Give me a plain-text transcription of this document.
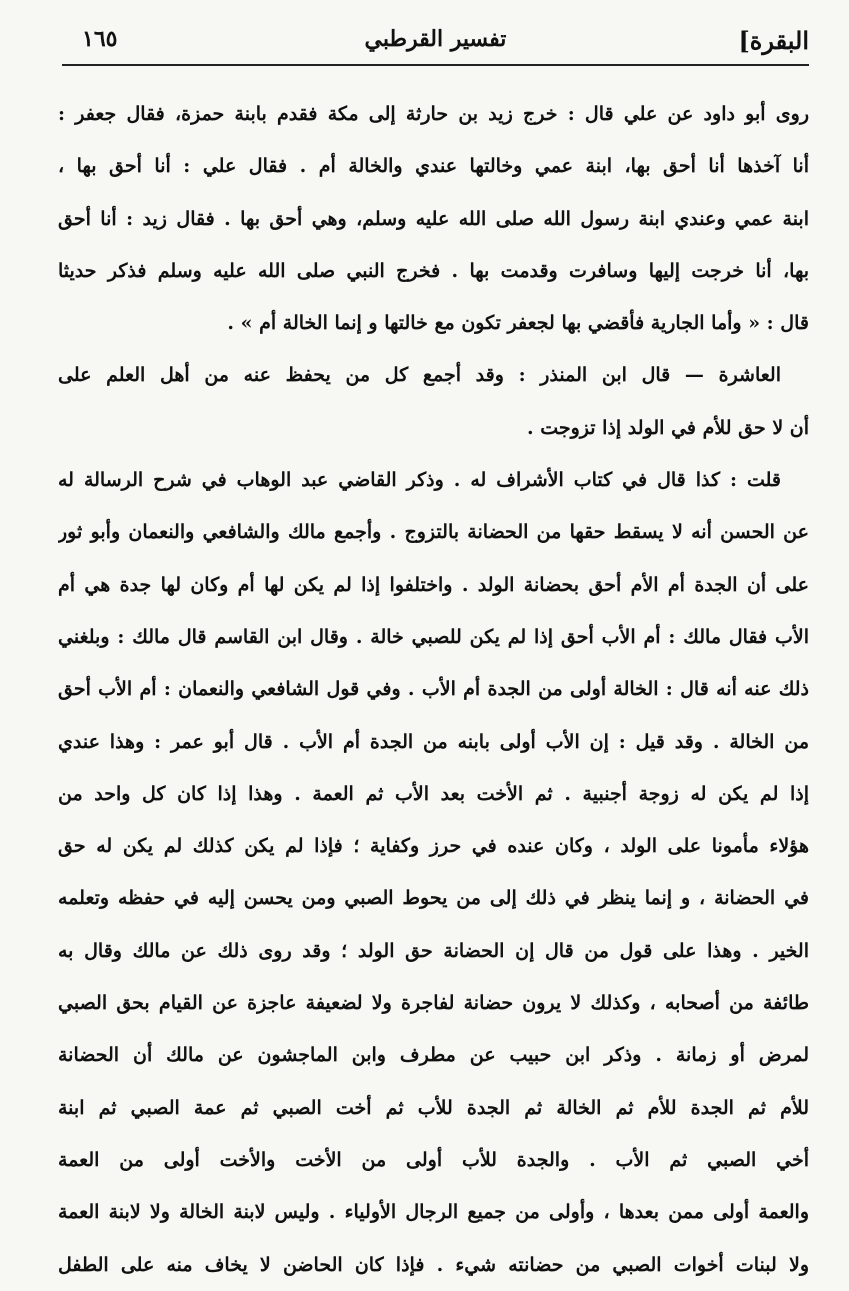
١٦٥	تفسير القرطبي	البقرة]
روى أبو داود عن علي قال : خرج زيد بن حارثة إلى مكة فقدم بابنة حمزة، فقال جعفر :
أنا آخذها أنا أحق بها، ابنة عمي وخالتها عندي والخالة أم . فقال علي : أنا أحق بها ،
ابنة عمي وعندي ابنة رسول الله صلى الله عليه وسلم، وهي أحق بها . فقال زيد : أنا أحق
بها، أنا خرجت إليها وسافرت وقدمت بها . فخرج النبي صلى الله عليه وسلم فذكر حديثا
قال : « وأما الجارية فأقضي بها لجعفر تكون مع خالتها و إنما الخالة أم » .
العاشرة — قال ابن المنذر : وقد أجمع كل من يحفظ عنه من أهل العلم على
أن لا حق للأم في الولد إذا تزوجت .
قلت : كذا قال في كتاب الأشراف له . وذكر القاضي عبد الوهاب في شرح الرسالة له
عن الحسن أنه لا يسقط حقها من الحضانة بالتزوج . وأجمع مالك والشافعي والنعمان وأبو ثور
على أن الجدة أم الأم أحق بحضانة الولد . واختلفوا إذا لم يكن لها أم وكان لها جدة هي أم
الأب فقال مالك : أم الأب أحق إذا لم يكن للصبي خالة . وقال ابن القاسم قال مالك : وبلغني
ذلك عنه أنه قال : الخالة أولى من الجدة أم الأب . وفي قول الشافعي والنعمان : أم الأب أحق
من الخالة . وقد قيل : إن الأب أولى بابنه من الجدة أم الأب . قال أبو عمر : وهذا عندي
إذا لم يكن له زوجة أجنبية . ثم الأخت بعد الأب ثم العمة . وهذا إذا كان كل واحد من
هؤلاء مأمونا على الولد ، وكان عنده في حرز وكفاية ؛ فإذا لم يكن كذلك لم يكن له حق
في الحضانة ، و إنما ينظر في ذلك إلى من يحوط الصبي ومن يحسن إليه في حفظه وتعلمه
الخير . وهذا على قول من قال إن الحضانة حق الولد ؛ وقد روى ذلك عن مالك وقال به
طائفة من أصحابه ، وكذلك لا يرون حضانة لفاجرة ولا لضعيفة عاجزة عن القيام بحق الصبي
لمرض أو زمانة . وذكر ابن حبيب عن مطرف وابن الماجشون عن مالك أن الحضانة
للأم ثم الجدة للأم ثم الخالة ثم الجدة للأب ثم أخت الصبي ثم عمة الصبي ثم ابنة
أخي الصبي ثم الأب . والجدة للأب أولى من الأخت والأخت أولى من العمة
والعمة أولى ممن بعدها ، وأولى من جميع الرجال الأولياء . وليس لابنة الخالة ولا لابنة العمة
ولا لبنات أخوات الصبي من حضانته شيء . فإذا كان الحاضن لا يخاف منه على الطفل
